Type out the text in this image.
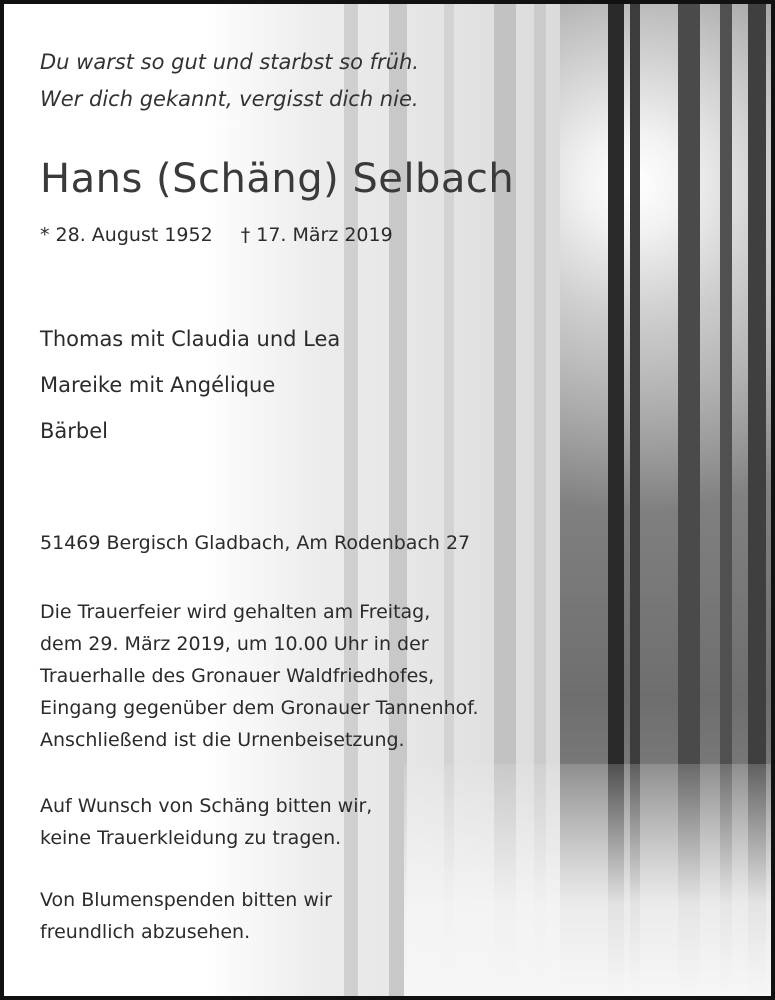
Du warst so gut und starbst so früh.
Wer dich gekannt, vergisst dich nie.
Hans (Schäng) Selbach
* 28. August 1952 † 17. März 2019
Thomas mit Claudia und Lea
Mareike mit Angélique
Bärbel
51469 Bergisch Gladbach, Am Rodenbach 27
Die Trauerfeier wird gehalten am Freitag,
dem 29. März 2019, um 10.00 Uhr in der
Trauerhalle des Gronauer Waldfriedhofes,
Eingang gegenüber dem Gronauer Tannenhof.
Anschließend ist die Urnenbeisetzung.
Auf Wunsch von Schäng bitten wir,
keine Trauerkleidung zu tragen.
Von Blumenspenden bitten wir
freundlich abzusehen.
